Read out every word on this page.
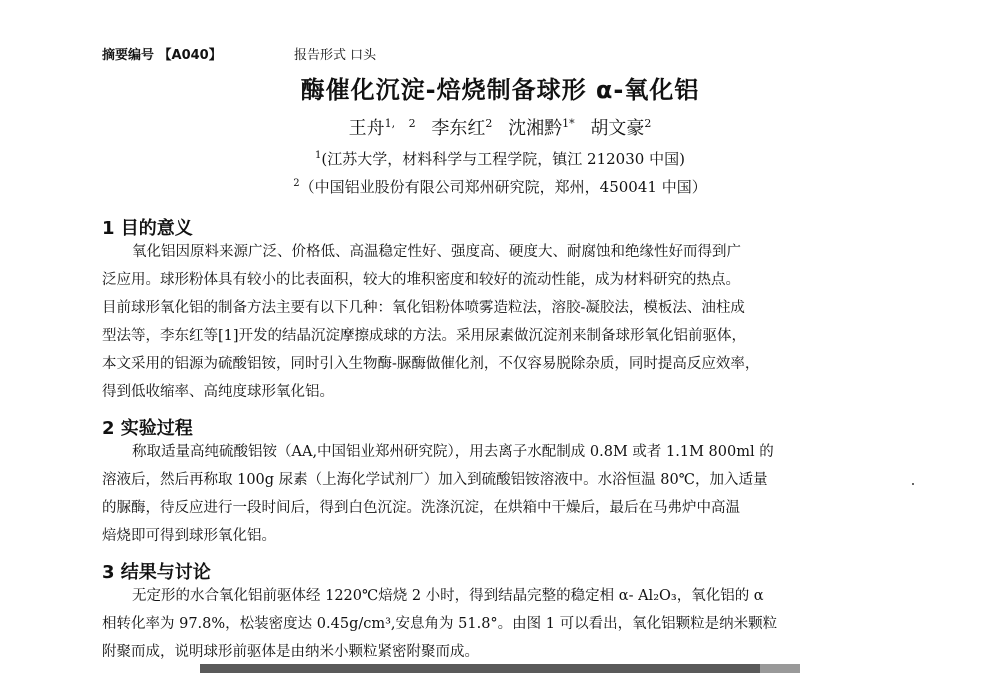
摘要编号 【A040】	报告形式 口头
酶催化沉淀-焙烧制备球形 α-氧化铝
王舟$^{1, 2}$ 李东红$^2$ 沈湘黔$^{1*}$ 胡文豪$^2$
$^1$(江苏大学，材料科学与工程学院，镇江 212030 中国)
$^2$（中国铝业股份有限公司郑州研究院，郑州，450041 中国）
1 目的意义
氧化铝因原料来源广泛、价格低、高温稳定性好、强度高、硬度大、耐腐蚀和绝缘性好而得到广
泛应用。球形粉体具有较小的比表面积，较大的堆积密度和较好的流动性能，成为材料研究的热点。
目前球形氧化铝的制备方法主要有以下几种：氧化铝粉体喷雾造粒法，溶胶-凝胶法，模板法、油柱成
型法等，李东红等[1]开发的结晶沉淀摩擦成球的方法。采用尿素做沉淀剂来制备球形氧化铝前驱体，
本文采用的铝源为硫酸铝铵，同时引入生物酶-脲酶做催化剂，不仅容易脱除杂质，同时提高反应效率，
得到低收缩率、高纯度球形氧化铝。
2 实验过程
称取适量高纯硫酸铝铵（AA,中国铝业郑州研究院），用去离子水配制成 0.8M 或者 1.1M 800ml 的
溶液后，然后再称取 100g 尿素（上海化学试剂厂）加入到硫酸铝铵溶液中。水浴恒温 80℃，加入适量
的脲酶，待反应进行一段时间后，得到白色沉淀。洗涤沉淀，在烘箱中干燥后，最后在马弗炉中高温
焙烧即可得到球形氧化铝。
3 结果与讨论
无定形的水合氧化铝前驱体经 1220℃焙烧 2 小时，得到结晶完整的稳定相 α- Al₂O₃，氧化铝的 α
相转化率为 97.8%，松装密度达 0.45g/cm³,安息角为 51.8°。由图 1 可以看出，氧化铝颗粒是纳米颗粒
附聚而成，说明球形前驱体是由纳米小颗粒紧密附聚而成。
